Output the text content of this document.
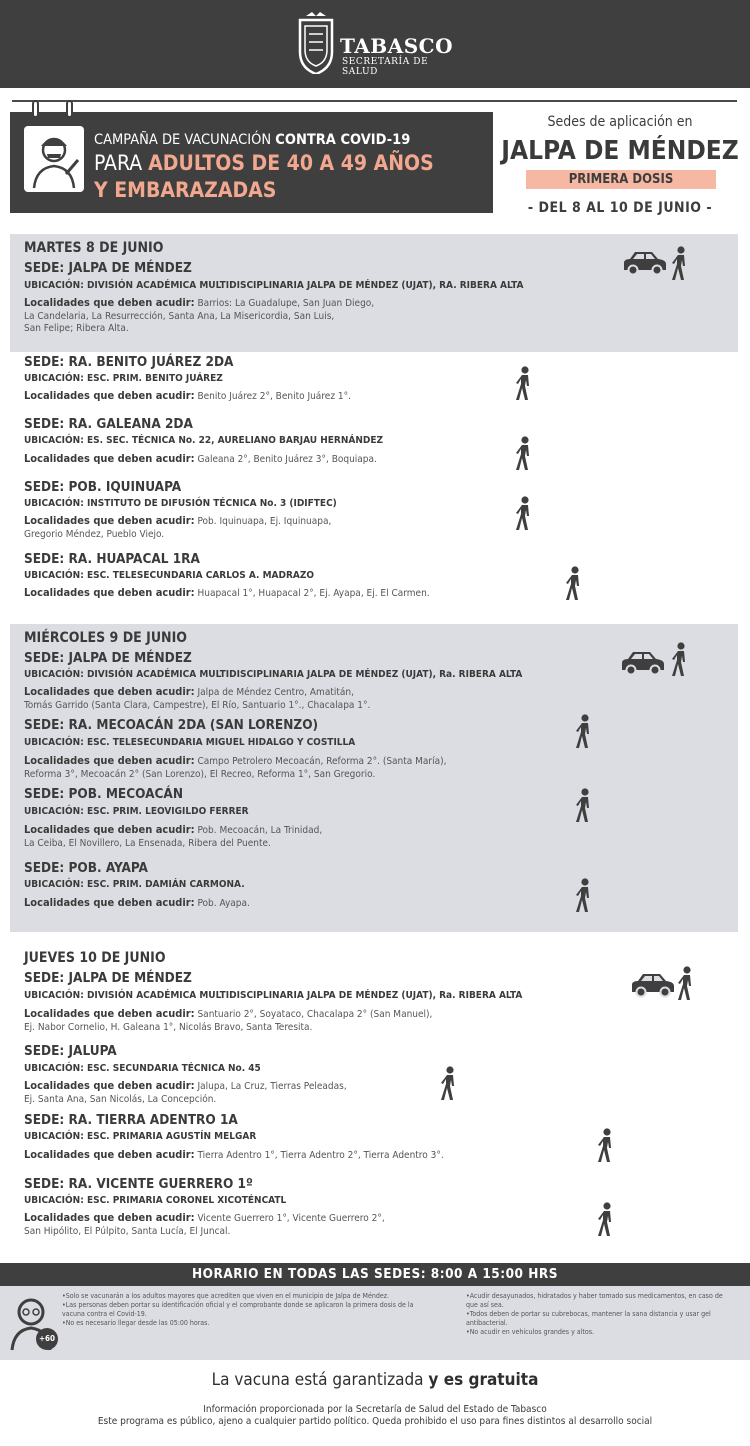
TABASCO
SECRETARÍA DE SALUD
CAMPAÑA DE VACUNACIÓN CONTRA COVID-19
PARA ADULTOS DE 40 A 49 AÑOS
Y EMBARAZADAS
Sedes de aplicación en
JALPA DE MÉNDEZ
PRIMERA DOSIS
- DEL 8 AL 10 DE JUNIO -
MARTES 8 DE JUNIO
SEDE: JALPA DE MÉNDEZ
UBICACIÓN: DIVISIÓN ACADÉMICA MULTIDISCIPLINARIA JALPA DE MÉNDEZ (UJAT), RA. RIBERA ALTA
Localidades que deben acudir: Barrios: La Guadalupe, San Juan Diego,
La Candelaria, La Resurrección, Santa Ana, La Misericordia, San Luis,
San Felipe; Ribera Alta.
SEDE: RA. BENITO JUÁREZ 2DA
UBICACIÓN: ESC. PRIM. BENITO JUÁREZ
Localidades que deben acudir: Benito Juárez 2°, Benito Juárez 1°.
SEDE: RA. GALEANA 2DA
UBICACIÓN: ES. SEC. TÉCNICA No. 22, AURELIANO BARJAU HERNÁNDEZ
Localidades que deben acudir: Galeana 2°, Benito Juárez 3°, Boquiapa.
SEDE: POB. IQUINUAPA
UBICACIÓN: INSTITUTO DE DIFUSIÓN TÉCNICA No. 3 (IDIFTEC)
Localidades que deben acudir: Pob. Iquinuapa, Ej. Iquinuapa,
Gregorio Méndez, Pueblo Viejo.
SEDE: RA. HUAPACAL 1RA
UBICACIÓN: ESC. TELESECUNDARIA CARLOS A. MADRAZO
Localidades que deben acudir: Huapacal 1°, Huapacal 2°, Ej. Ayapa, Ej. El Carmen.
MIÉRCOLES 9 DE JUNIO
SEDE: JALPA DE MÉNDEZ
UBICACIÓN: DIVISIÓN ACADÉMICA MULTIDISCIPLINARIA JALPA DE MÉNDEZ (UJAT), Ra. RIBERA ALTA
Localidades que deben acudir: Jalpa de Méndez Centro, Amatitán,
Tomás Garrido (Santa Clara, Campestre), El Río, Santuario 1°., Chacalapa 1°.
SEDE: RA. MECOACÁN 2DA (SAN LORENZO)
UBICACIÓN: ESC. TELESECUNDARIA MIGUEL HIDALGO Y COSTILLA
Localidades que deben acudir: Campo Petrolero Mecoacán, Reforma 2°. (Santa María),
Reforma 3°, Mecoacán 2° (San Lorenzo), El Recreo, Reforma 1°, San Gregorio.
SEDE: POB. MECOACÁN
UBICACIÓN: ESC. PRIM. LEOVIGILDO FERRER
Localidades que deben acudir: Pob. Mecoacán, La Trinidad,
La Ceiba, El Novillero, La Ensenada, Ribera del Puente.
SEDE: POB. AYAPA
UBICACIÓN: ESC. PRIM. DAMIÁN CARMONA.
Localidades que deben acudir: Pob. Ayapa.
JUEVES 10 DE JUNIO
SEDE: JALPA DE MÉNDEZ
UBICACIÓN: DIVISIÓN ACADÉMICA MULTIDISCIPLINARIA JALPA DE MÉNDEZ (UJAT), Ra. RIBERA ALTA
Localidades que deben acudir: Santuario 2°, Soyataco, Chacalapa 2° (San Manuel),
Ej. Nabor Cornelio, H. Galeana 1°, Nicolás Bravo, Santa Teresita.
SEDE: JALUPA
UBICACIÓN: ESC. SECUNDARIA TÉCNICA No. 45
Localidades que deben acudir: Jalupa, La Cruz, Tierras Peleadas,
Ej. Santa Ana, San Nicolás, La Concepción.
SEDE: RA. TIERRA ADENTRO 1A
UBICACIÓN: ESC. PRIMARIA AGUSTÍN MELGAR
Localidades que deben acudir: Tierra Adentro 1°, Tierra Adentro 2°, Tierra Adentro 3°.
SEDE: RA. VICENTE GUERRERO 1º
UBICACIÓN: ESC. PRIMARIA CORONEL XICOTÉNCATL
Localidades que deben acudir: Vicente Guerrero 1°, Vicente Guerrero 2°,
San Hipólito, El Púlpito, Santa Lucía, El Juncal.
HORARIO EN TODAS LAS SEDES: 8:00 A 15:00 HRS
+60
• Solo se vacunarán a los adultos mayores que acrediten que viven en el municipio de Jalpa de Méndez.
• Las personas deben portar su identificación oficial y el comprobante donde se aplicaron la primera dosis de la vacuna contra el Covid-19.
• No es necesario llegar desde las 05:00 horas.
• Acudir desayunados, hidratados y haber tomado sus medicamentos, en caso de que así sea.
• Todos deben de portar su cubrebocas, mantener la sana distancia y usar gel antibacterial.
• No acudir en vehículos grandes y altos.
La vacuna está garantizada y es gratuita
Información proporcionada por la Secretaría de Salud del Estado de Tabasco
Este programa es público, ajeno a cualquier partido político. Queda prohibido el uso para fines distintos al desarrollo social
